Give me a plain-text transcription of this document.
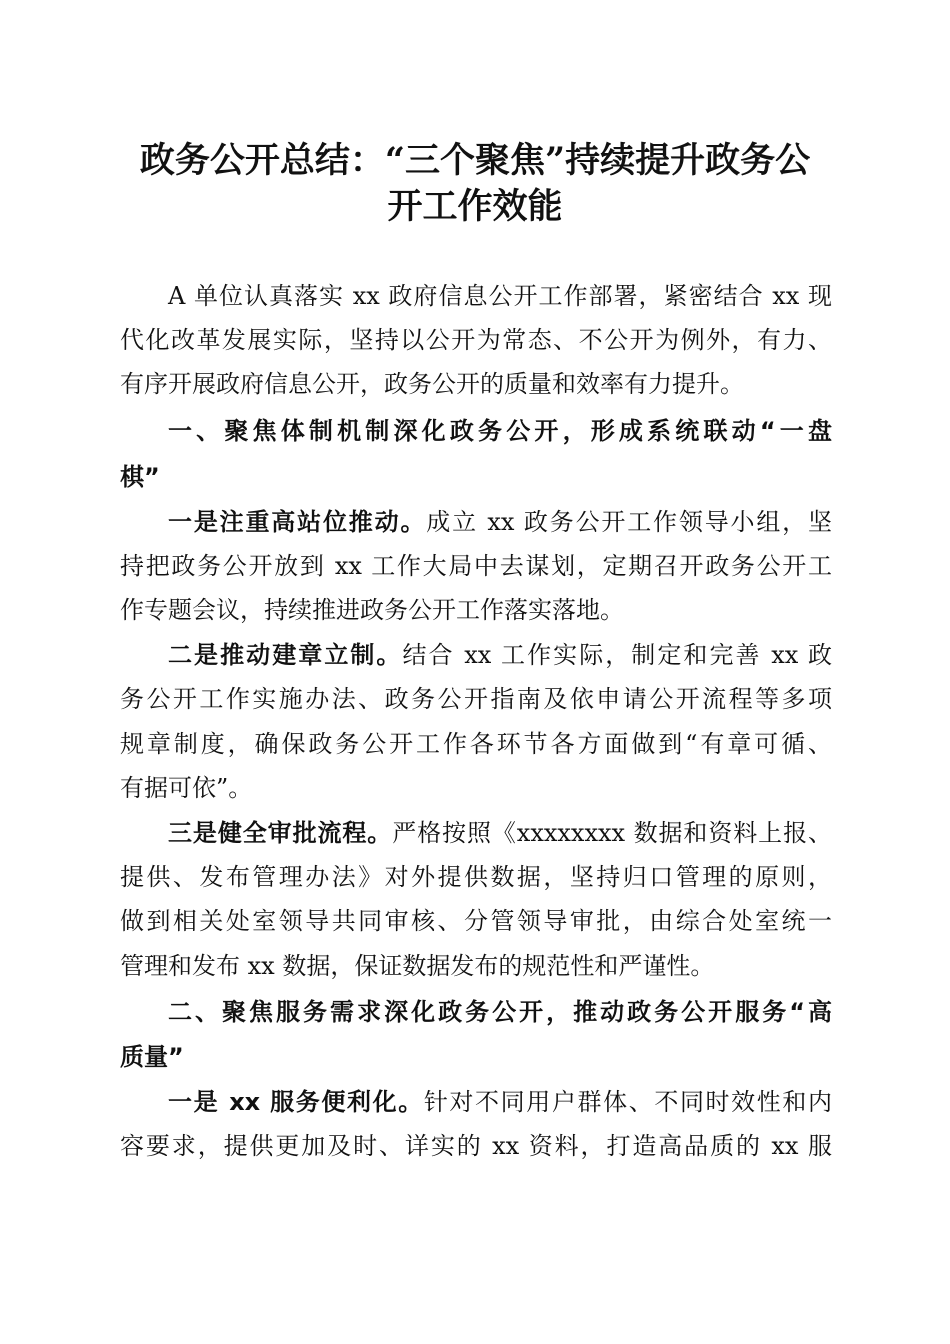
政务公开总结：“三个聚焦”持续提升政务公

开工作效能

A 单位认真落实 xx 政府信息公开工作部署，紧密结合 xx 现

代化改革发展实际，坚持以公开为常态、不公开为例外，有力、

有序开展政府信息公开，政务公开的质量和效率有力提升。

一、聚焦体制机制深化政务公开，形成系统联动“一盘

棋”

一是注重高站位推动。成立 xx 政务公开工作领导小组，坚

持把政务公开放到 xx 工作大局中去谋划，定期召开政务公开工

作专题会议，持续推进政务公开工作落实落地。

二是推动建章立制。结合 xx 工作实际，制定和完善 xx 政

务公开工作实施办法、政务公开指南及依申请公开流程等多项

规章制度，确保政务公开工作各环节各方面做到“有章可循、

有据可依”。

三是健全审批流程。严格按照《xxxxxxxx 数据和资料上报、

提供、发布管理办法》对外提供数据，坚持归口管理的原则，

做到相关处室领导共同审核、分管领导审批，由综合处室统一

管理和发布 xx 数据，保证数据发布的规范性和严谨性。

二、聚焦服务需求深化政务公开，推动政务公开服务“高

质量”

一是 xx 服务便利化。针对不同用户群体、不同时效性和内

容要求，提供更加及时、详实的 xx 资料，打造高品质的 xx 服
